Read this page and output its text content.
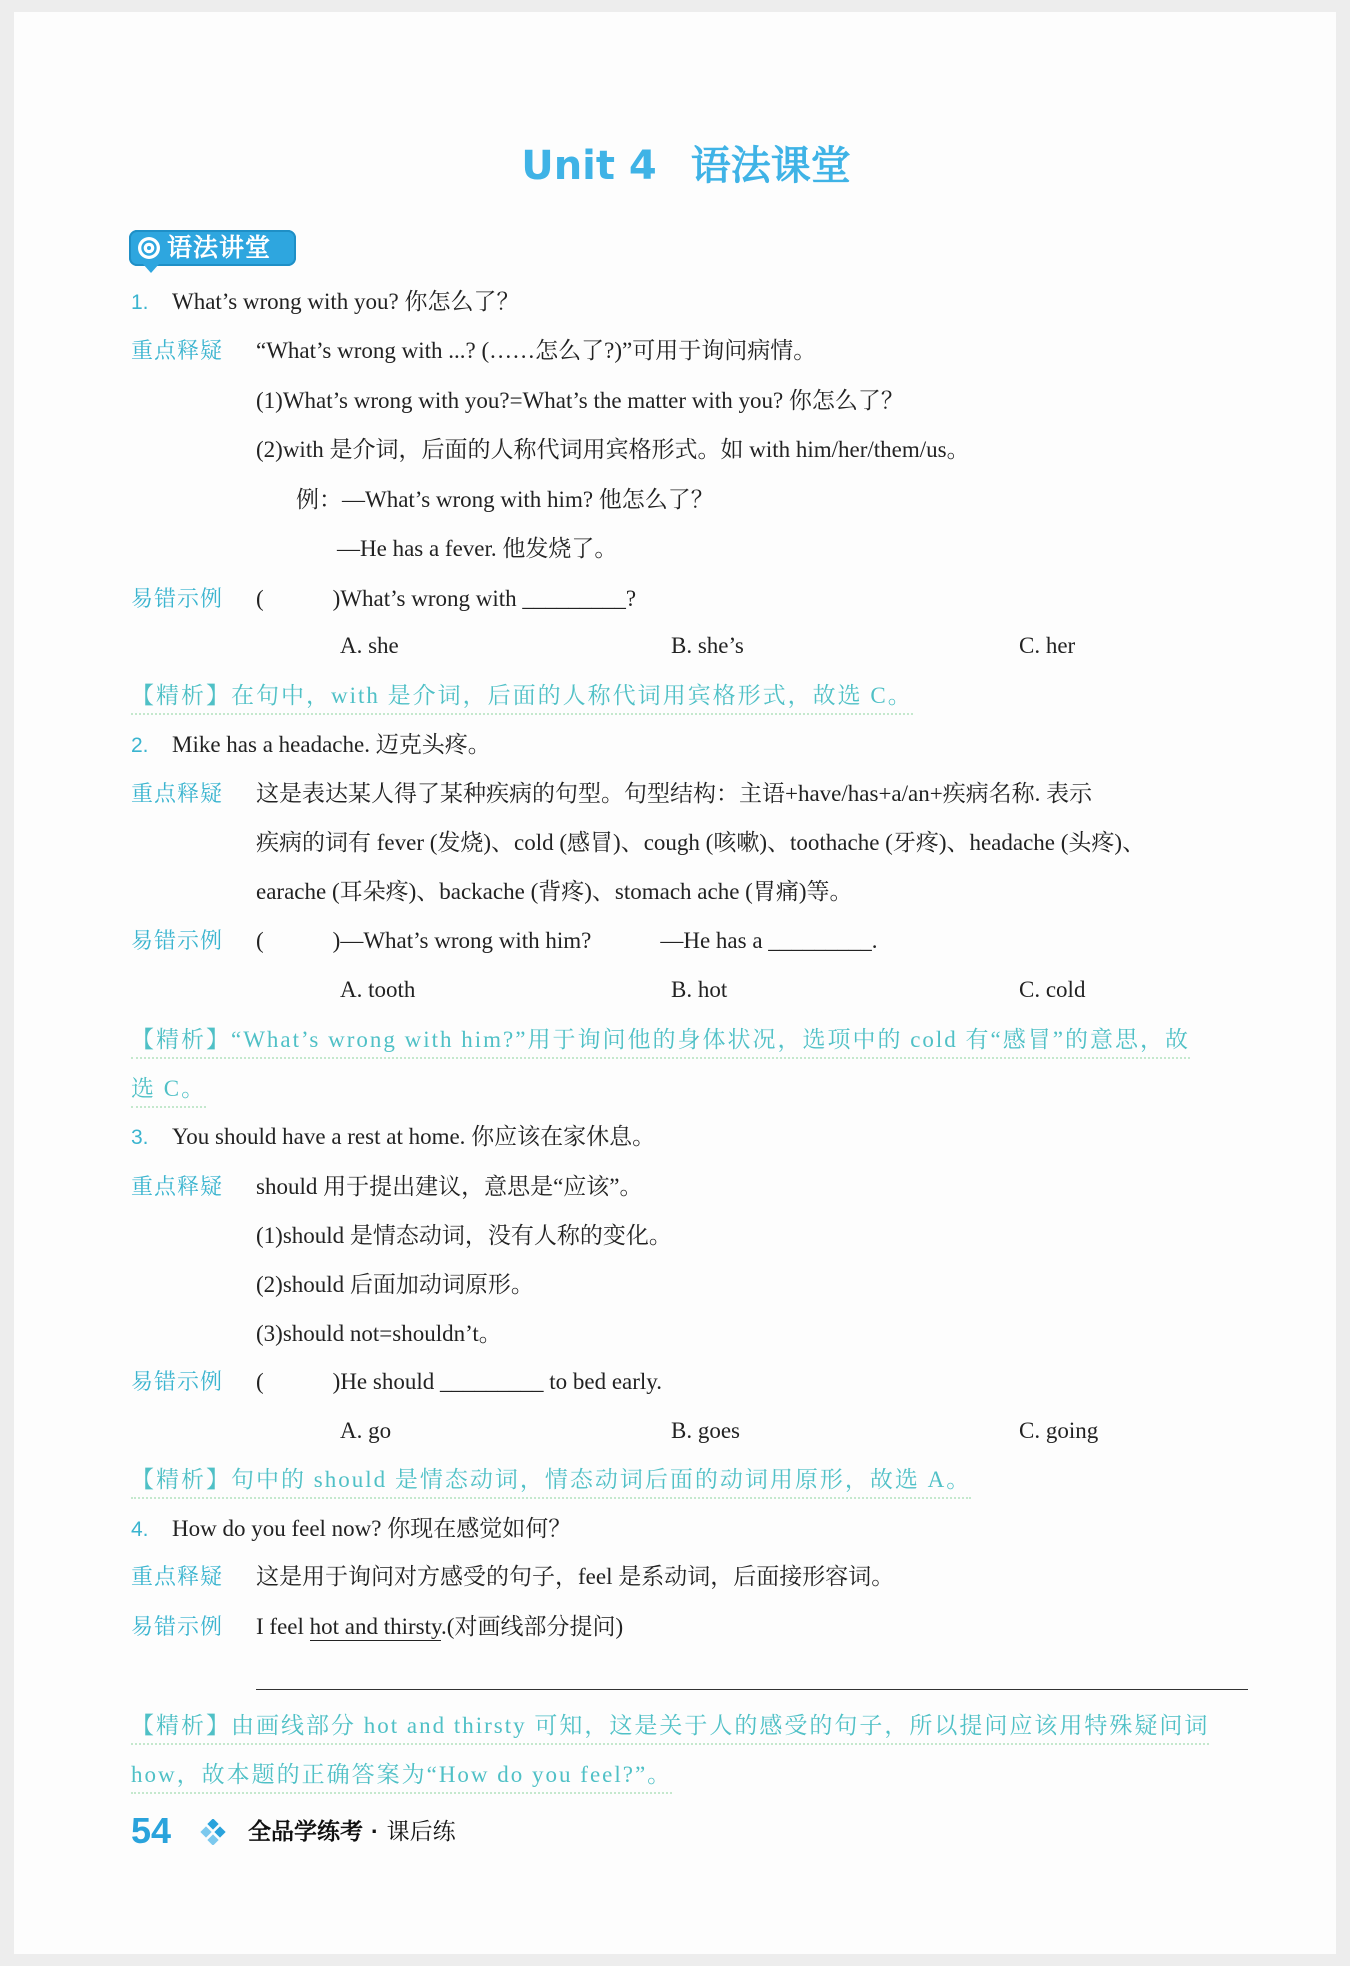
Unit 4 语法课堂
语法讲堂
1. What’s wrong with you? 你怎么了？
重点释疑 “What’s wrong with ...? (……怎么了?)”可用于询问病情。
(1)What’s wrong with you?=What’s the matter with you? 你怎么了？
(2)with 是介词，后面的人称代词用宾格形式。如 with him/her/them/us。
例：—What’s wrong with him? 他怎么了？
—He has a fever. 他发烧了。
易错示例 (　　　)What’s wrong with _________?
A. she	B. she’s	C. her
【精析】在句中，with 是介词，后面的人称代词用宾格形式，故选 C。
2. Mike has a headache. 迈克头疼。
重点释疑 这是表达某人得了某种疾病的句型。句型结构：主语+have/has+a/an+疾病名称. 表示
疾病的词有 fever (发烧)、cold (感冒)、cough (咳嗽)、toothache (牙疼)、headache (头疼)、
earache (耳朵疼)、backache (背疼)、stomach ache (胃痛)等。
易错示例 (　　　)—What’s wrong with him?　　　—He has a _________.
A. tooth	B. hot	C. cold
【精析】“What’s wrong with him?”用于询问他的身体状况，选项中的 cold 有“感冒”的意思，故
选 C。
3. You should have a rest at home. 你应该在家休息。
重点释疑 should 用于提出建议，意思是“应该”。
(1)should 是情态动词，没有人称的变化。
(2)should 后面加动词原形。
(3)should not=shouldn’t。
易错示例 (　　　)He should _________ to bed early.
A. go	B. goes	C. going
【精析】句中的 should 是情态动词，情态动词后面的动词用原形，故选 A。
4. How do you feel now? 你现在感觉如何？
重点释疑 这是用于询问对方感受的句子，feel 是系动词，后面接形容词。
易错示例 I feel hot and thirsty.(对画线部分提问)
【精析】由画线部分 hot and thirsty 可知，这是关于人的感受的句子，所以提问应该用特殊疑问词
how，故本题的正确答案为“How do you feel?”。
54	全品学练考 · 课后练
